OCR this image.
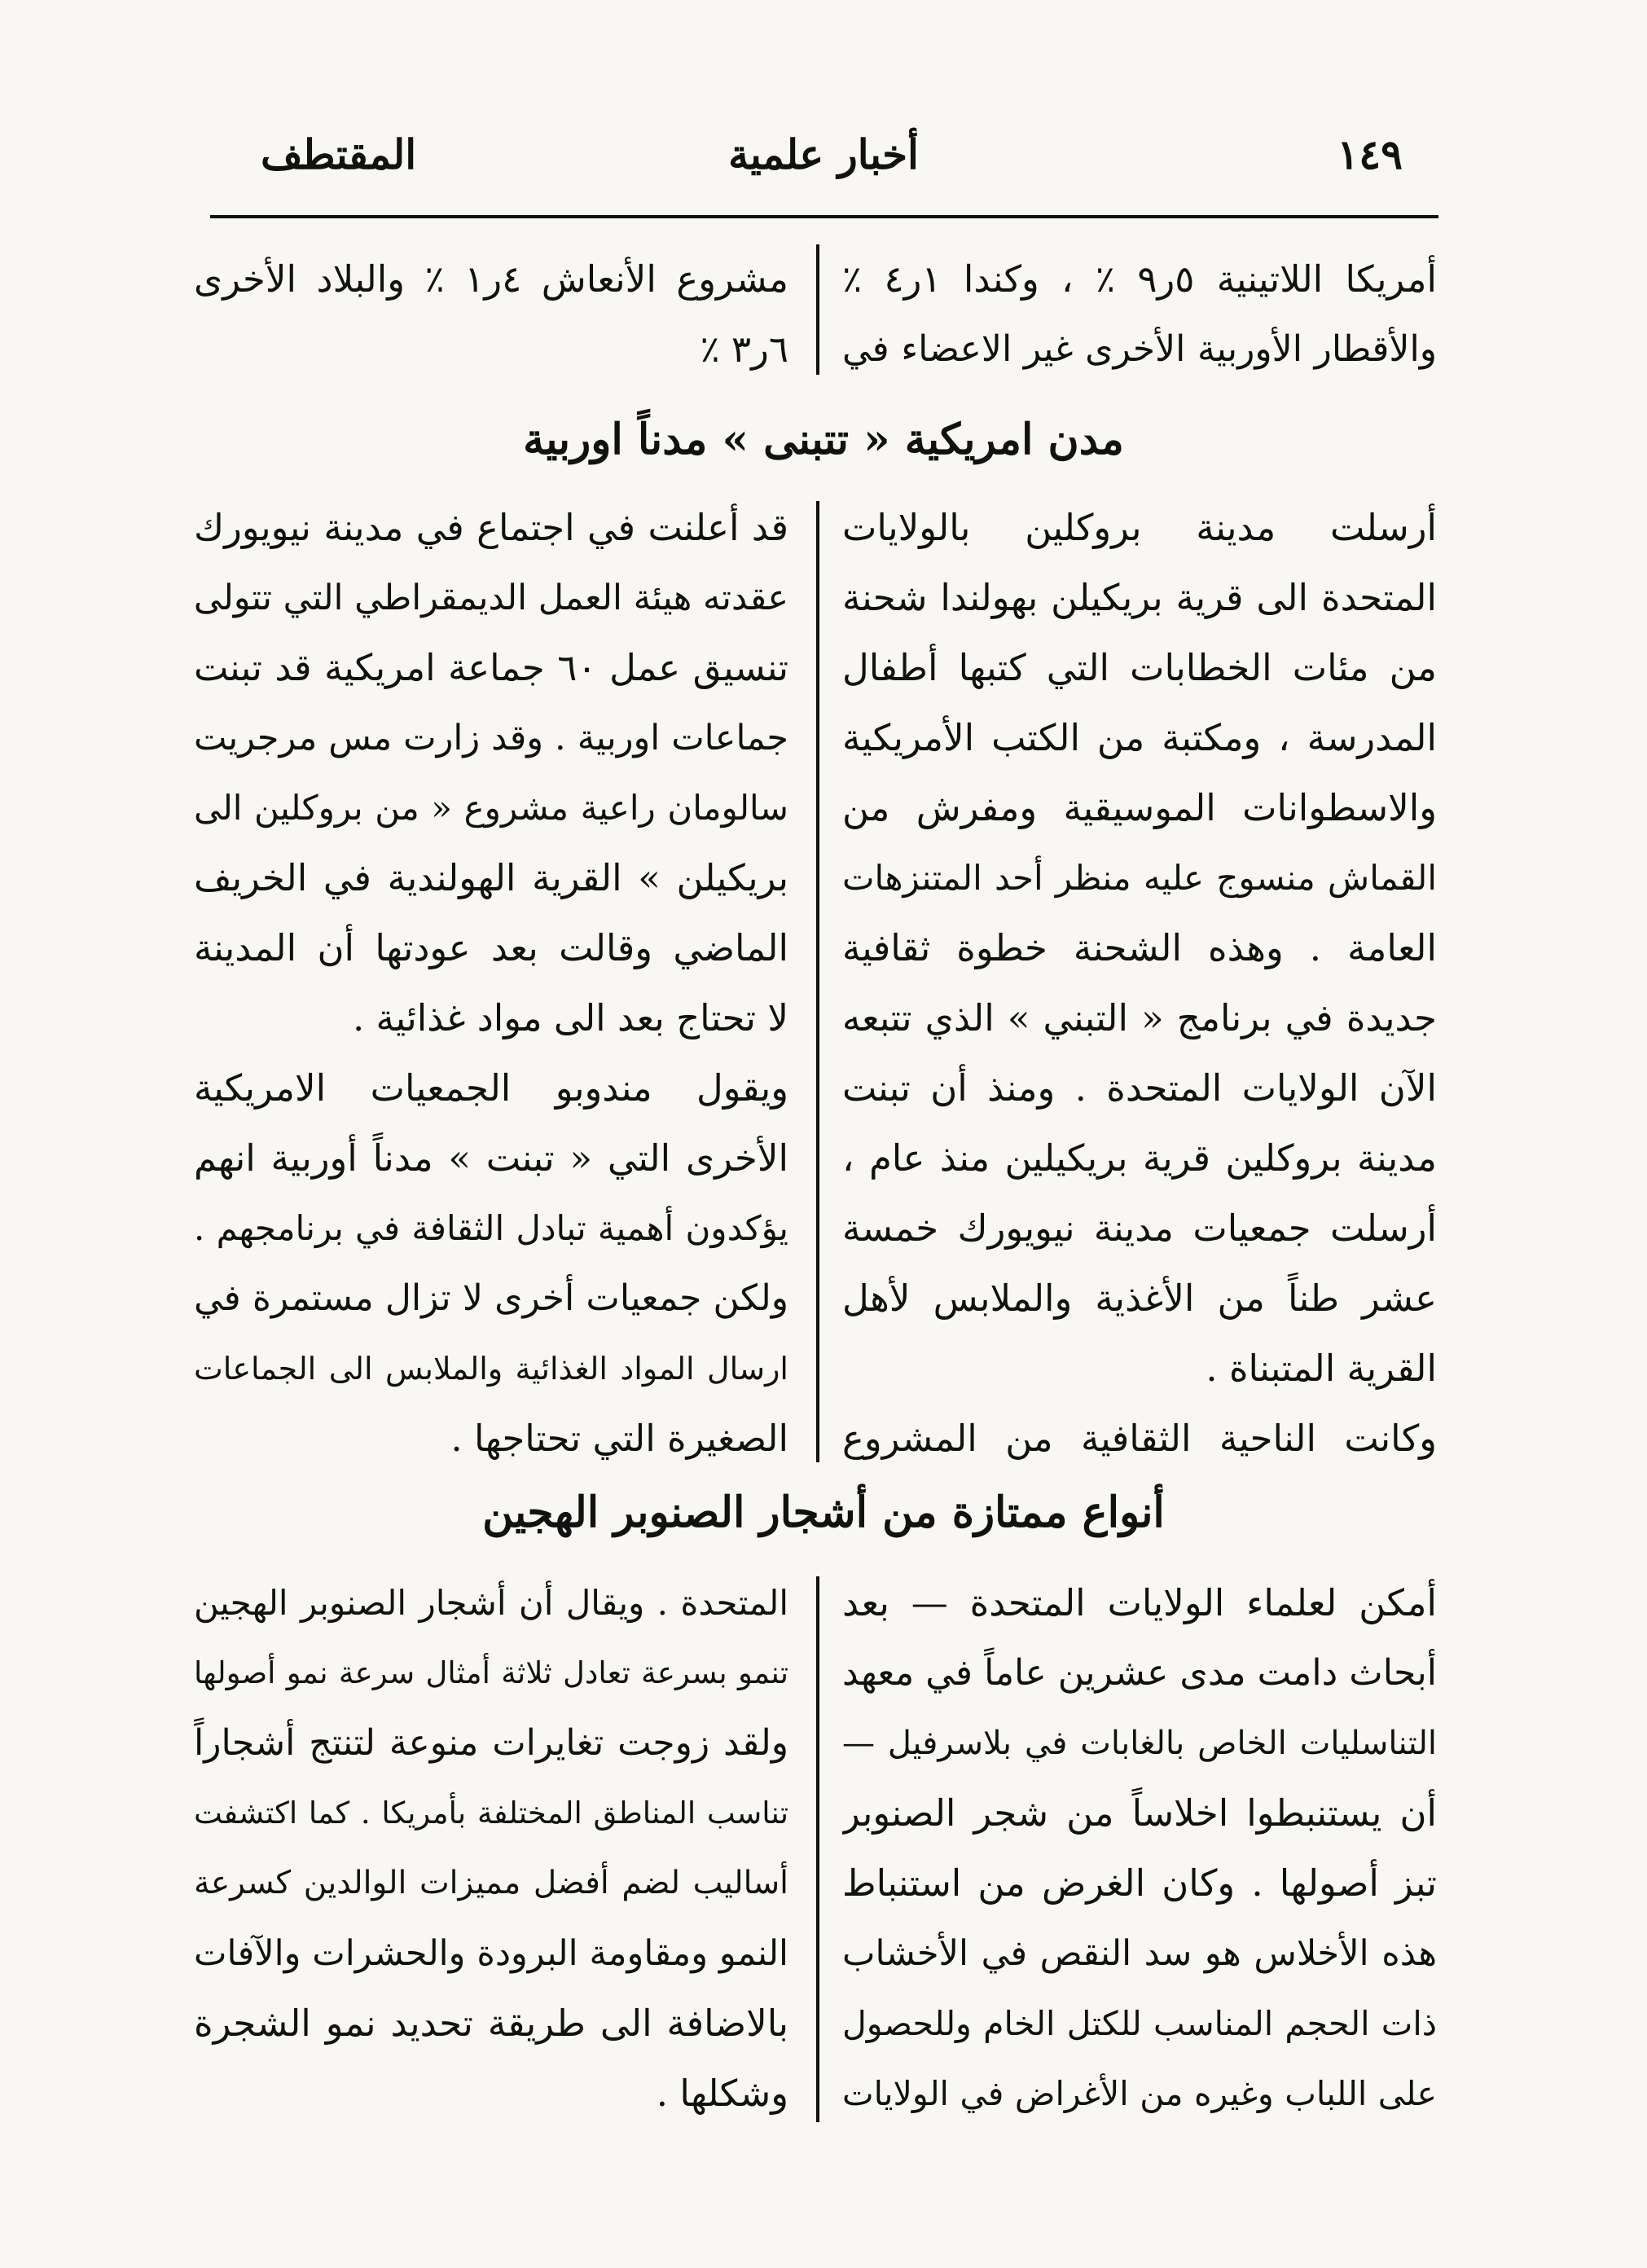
١٤٩
أخبار علمية
المقتطف
أمريكا اللاتينية ٥ر٩ ٪ ، وكندا ١ر٤ ٪
والأقطار الأوربية الأخرى غير الاعضاء في
مشروع الأنعاش ٤ر١ ٪ والبلاد الأخرى
٦ر٣ ٪
مدن امريكية « تتبنى » مدناً اوربية
أرسلت مدينة بروكلين بالولايات
المتحدة الى قرية بريكيلن بهولندا شحنة
من مئات الخطابات التي كتبها أطفال
المدرسة ، ومكتبة من الكتب الأمريكية
والاسطوانات الموسيقية ومفرش من
القماش منسوج عليه منظر أحد المتنزهات
العامة . وهذه الشحنة خطوة ثقافية
جديدة في برنامج « التبني » الذي تتبعه
الآن الولايات المتحدة . ومنذ أن تبنت
مدينة بروكلين قرية بريكيلين منذ عام ،
أرسلت جمعيات مدينة نيويورك خمسة
عشر طناً من الأغذية والملابس لأهل
القرية المتبناة .
وكانت الناحية الثقافية من المشروع
قد أعلنت في اجتماع في مدينة نيويورك
عقدته هيئة العمل الديمقراطي التي تتولى
تنسيق عمل ٦٠ جماعة امريكية قد تبنت
جماعات اوربية . وقد زارت مس مرجريت
سالومان راعية مشروع « من بروكلين الى
بريكيلن » القرية الهولندية في الخريف
الماضي وقالت بعد عودتها أن المدينة
لا تحتاج بعد الى مواد غذائية .
ويقول مندوبو الجمعيات الامريكية
الأخرى التي « تبنت » مدناً أوربية انهم
يؤكدون أهمية تبادل الثقافة في برنامجهم .
ولكن جمعيات أخرى لا تزال مستمرة في
ارسال المواد الغذائية والملابس الى الجماعات
الصغيرة التي تحتاجها .
أنواع ممتازة من أشجار الصنوبر الهجين
أمكن لعلماء الولايات المتحدة — بعد
أبحاث دامت مدى عشرين عاماً في معهد
التناسليات الخاص بالغابات في بلاسرفيل —
أن يستنبطوا اخلاساً من شجر الصنوبر
تبز أصولها . وكان الغرض من استنباط
هذه الأخلاس هو سد النقص في الأخشاب
ذات الحجم المناسب للكتل الخام وللحصول
على اللباب وغيره من الأغراض في الولايات
المتحدة . ويقال أن أشجار الصنوبر الهجين
تنمو بسرعة تعادل ثلاثة أمثال سرعة نمو أصولها
ولقد زوجت تغايرات منوعة لتنتج أشجاراً
تناسب المناطق المختلفة بأمريكا . كما اكتشفت
أساليب لضم أفضل مميزات الوالدين كسرعة
النمو ومقاومة البرودة والحشرات والآفات
بالاضافة الى طريقة تحديد نمو الشجرة
وشكلها .
